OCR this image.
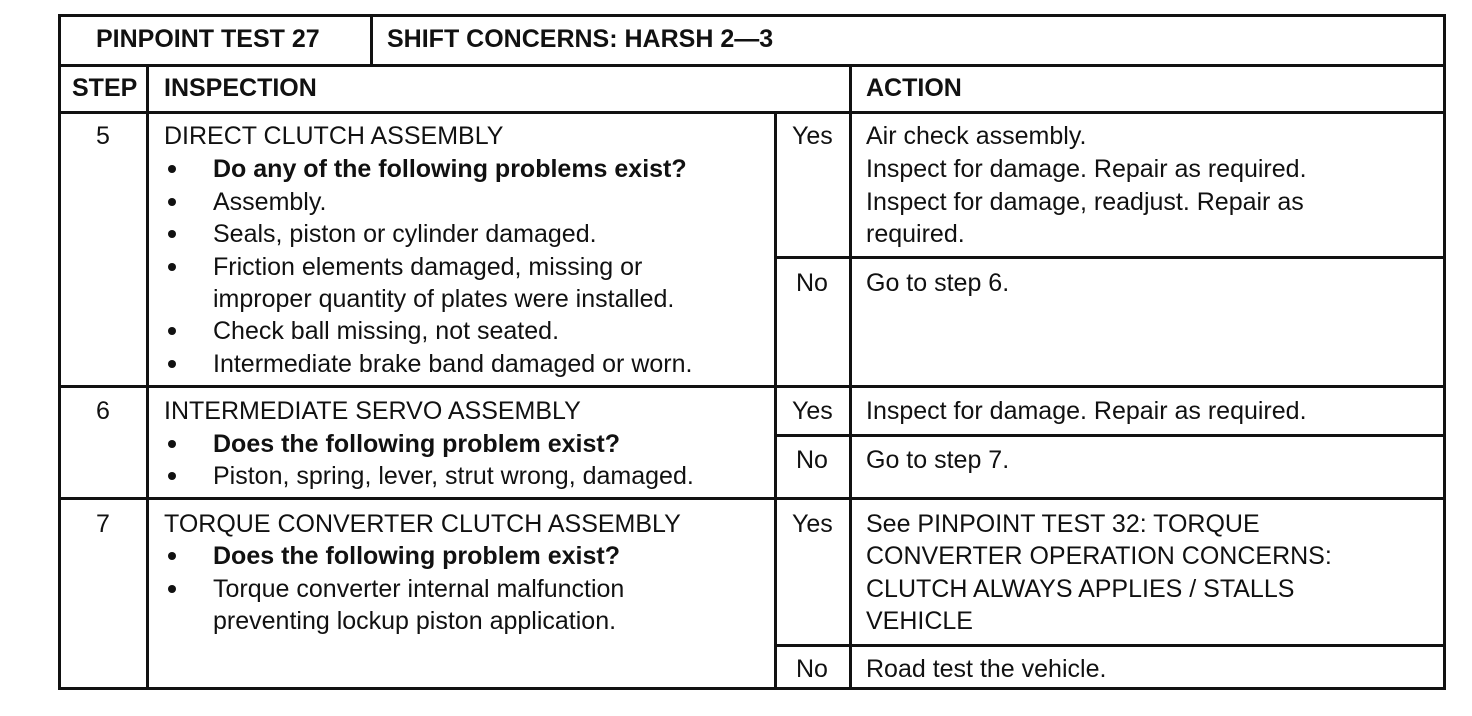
PINPOINT TEST 27	SHIFT CONCERNS: HARSH 2—3
STEP INSPECTION	ACTION
5 DIRECT CLUTCH ASSEMBLY
Do any of the following problems exist?
Assembly.
Seals, piston or cylinder damaged.
Friction elements damaged, missing or
improper quantity of plates were installed.
Check ball missing, not seated.
Intermediate brake band damaged or worn.
Yes Air check assembly.
Inspect for damage. Repair as required.
Inspect for damage, readjust. Repair as
required.
No Go to step 6.
6 INTERMEDIATE SERVO ASSEMBLY
Does the following problem exist?
Piston, spring, lever, strut wrong, damaged.
Yes Inspect for damage. Repair as required.
No Go to step 7.
7 TORQUE CONVERTER CLUTCH ASSEMBLY
Does the following problem exist?
Torque converter internal malfunction
preventing lockup piston application.
Yes See PINPOINT TEST 32: TORQUE
CONVERTER OPERATION CONCERNS:
CLUTCH ALWAYS APPLIES / STALLS
VEHICLE
No Road test the vehicle.
